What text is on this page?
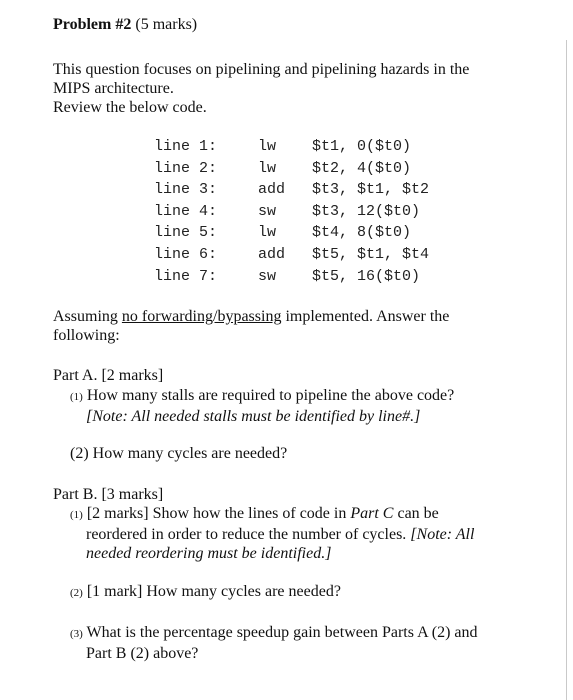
Problem #2 (5 marks)
This question focuses on pipelining and pipelining hazards in the
MIPS architecture.
Review the below code.
line 1:	lw $t1, 0($t0)
line 2:	lw $t2, 4($t0)
line 3:	add $t3, $t1, $t2
line 4:	sw $t3, 12($t0)
line 5:	lw $t4, 8($t0)
line 6:	add $t5, $t1, $t4
line 7:	sw $t5, 16($t0)
Assuming no forwarding/bypassing implemented. Answer the
following:
Part A. [2 marks]
(1) How many stalls are required to pipeline the above code?
[Note: All needed stalls must be identified by line#.]
(2) How many cycles are needed?
Part B. [3 marks]
(1) [2 marks] Show how the lines of code in Part C can be
reordered in order to reduce the number of cycles. [Note: All
needed reordering must be identified.]
(2) [1 mark] How many cycles are needed?
(3) What is the percentage speedup gain between Parts A (2) and
Part B (2) above?
